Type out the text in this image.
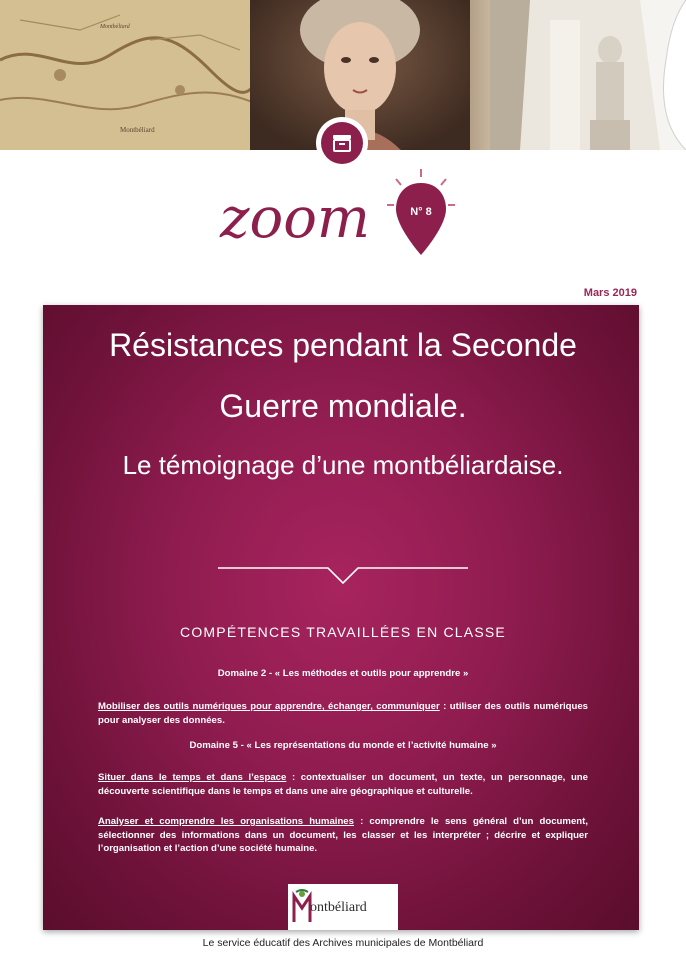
Montbéliard
Montbéliard
zoom	N° 8
Mars 2019
Résistances pendant la Seconde
Guerre mondiale.
Le témoignage d’une montbéliardaise.
COMPÉTENCES TRAVAILLÉES EN CLASSE
Domaine 2 - « Les méthodes et outils pour apprendre »
Mobiliser des outils numériques pour apprendre, échanger, communiquer : utiliser des outils numériques pour analyser des données.
Domaine 5 - « Les représentations du monde et l’activité humaine »
Situer dans le temps et dans l’espace : contextualiser un document, un texte, un personnage, une découverte scientifique dans le temps et dans une aire géographique et culturelle.
Analyser et comprendre les organisations humaines : comprendre le sens général d’un document, sélectionner des informations dans un document, les classer et les interpréter ; décrire et expliquer l’organisation et l’action d’une société humaine.
ontbéliard
Le service éducatif des Archives municipales de Montbéliard
